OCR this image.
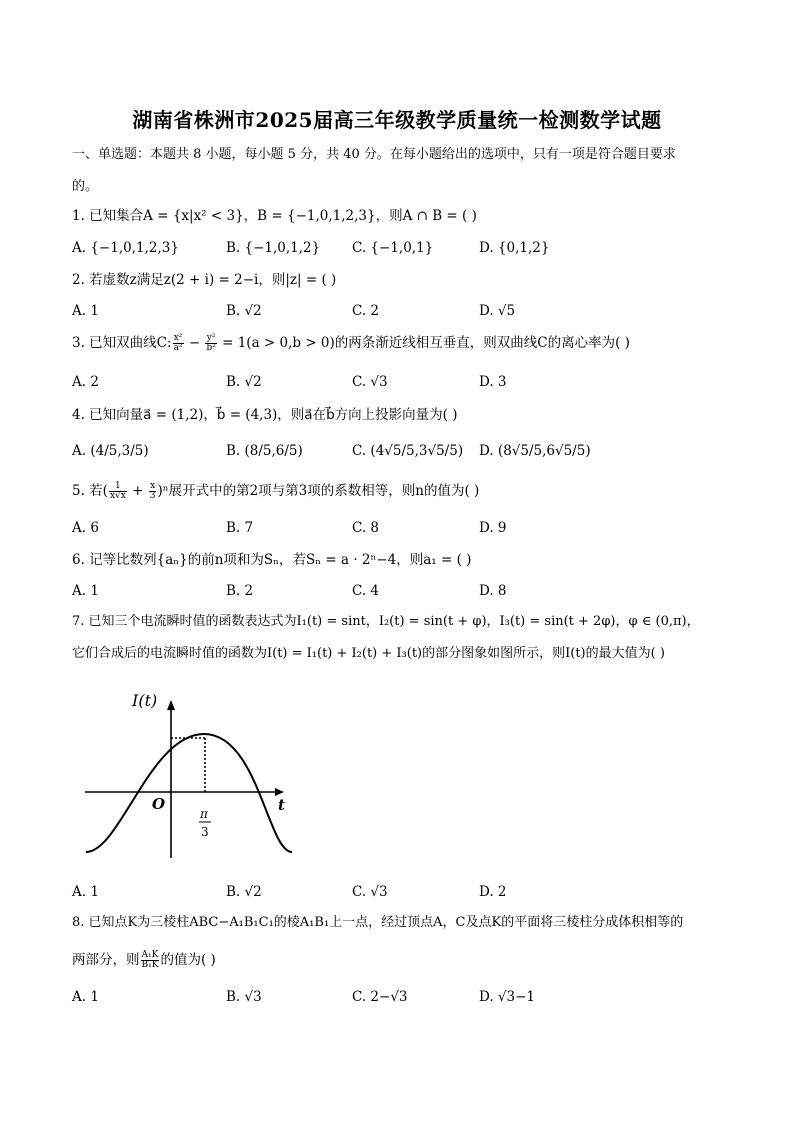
湖南省株洲市2025届高三年级教学质量统一检测数学试题
一、单选题：本题共 8 小题，每小题 5 分，共 40 分。在每小题给出的选项中，只有一项是符合题目要求
的。
1. 已知集合A = {x|x² < 3}，B = {−1,0,1,2,3}，则A ∩ B = ( )
A. {−1,0,1,2,3}	B. {−1,0,1,2} C. {−1,0,1}	D. {0,1,2}
2. 若虚数z满足z(2 + i) = 2−i，则|z| = ( )
A. 1	B. √2	C. 2	D. √5
3. 已知双曲线C: $\frac{\text{x²}}{\text{a²}} - \frac{\text{y²}}{\text{b²}} = 1(a > 0,b > 0)$的两条渐近线相互垂直，则双曲线C的离心率为( )
A. 2	B. √2	C. √3	D. 3
4. 已知向量a⃗ = (1,2)，b⃗ = (4,3)，则a⃗在b⃗方向上投影向量为( )
A. (4/5,3/5)	B. (8/5,6/5)	C. (4√5/5,3√5/5) D. (8√5/5,6√5/5)
5. 若( $\frac{1}{x√x} + \frac{x}{3} )^n$展开式中的第2项与第3项的系数相等，则n的值为( )
A. 6	B. 7	C. 8	D. 9
6. 记等比数列{aₙ}的前n项和为Sₙ，若Sₙ = a · 2ⁿ−4，则a₁ = ( )
A. 1	B. 2	C. 4	D. 8
7. 已知三个电流瞬时值的函数表达式为I₁(t) = sint，I₂(t) = sin(t + φ)，I₃(t) = sin(t + 2φ)，φ ∈ (0,π)，
它们合成后的电流瞬时值的函数为I(t) = I₁(t) + I₂(t) + I₃(t)的部分图象如图所示，则I(t)的最大值为( )
I(t)
t
O
π
3
A. 1	B. √2	C. √3	D. 2
8. 已知点K为三棱柱ABC−A₁B₁C₁的棱A₁B₁上一点，经过顶点A，C及点K的平面将三棱柱分成体积相等的
两部分，则 $\frac{\text{A₁K}}{\text{B₁K}}$ 的值为( )
A. 1	B. √3	C. 2−√3	D. √3−1
